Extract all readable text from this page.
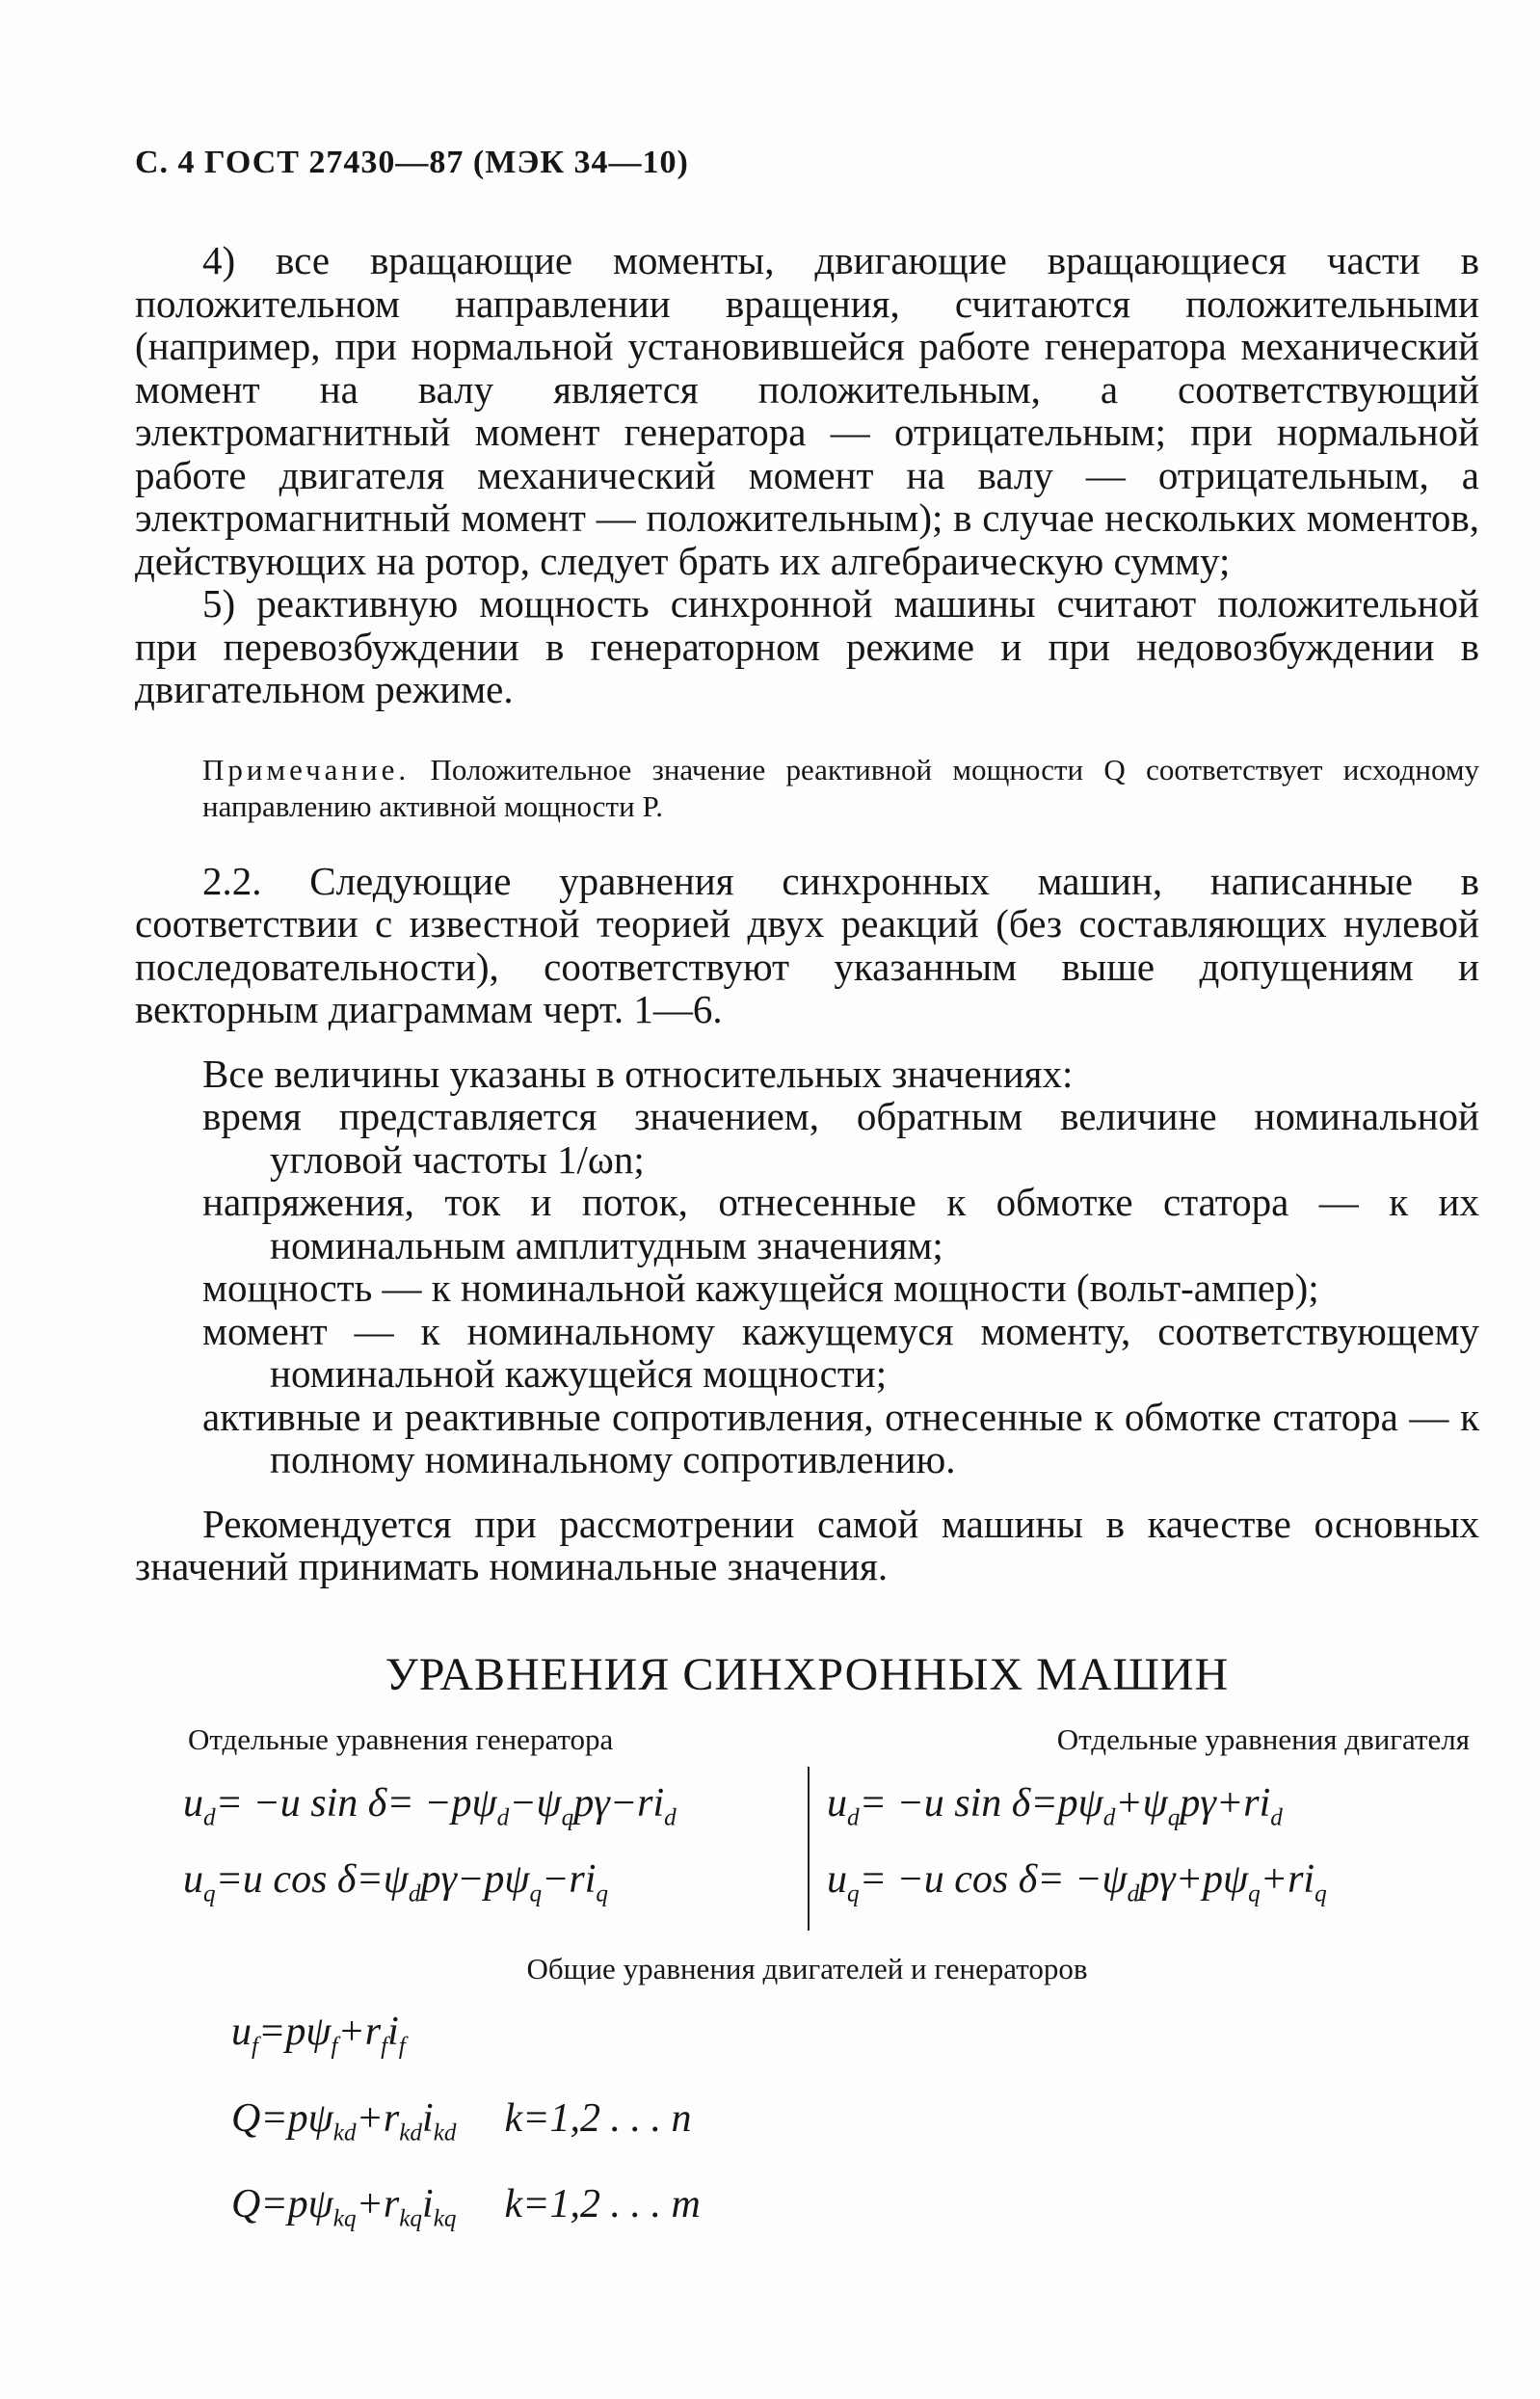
С. 4 ГОСТ 27430—87 (МЭК 34—10)

4) все вращающие моменты, двигающие вращающиеся части в положительном направлении вращения, считаются положительными (например, при нормальной установившейся работе генератора механический момент на валу является положительным, а соответствующий электромагнитный момент генератора — отрицательным; при нормальной работе двигателя механический момент на валу — отрицательным, а электромагнитный момент — положительным); в случае нескольких моментов, действующих на ротор, следует брать их алгебраическую сумму;

5) реактивную мощность синхронной машины считают положительной при перевозбуждении в генераторном режиме и при недовозбуждении в двигательном режиме.

Примечание. Положительное значение реактивной мощности Q соответствует исходному направлению активной мощности P.

2.2. Следующие уравнения синхронных машин, написанные в соответствии с известной теорией двух реакций (без составляющих нулевой последовательности), соответствуют указанным выше допущениям и векторным диаграммам черт. 1—6.

Все величины указаны в относительных значениях:

время представляется значением, обратным величине номинальной угловой частоты 1/ωn;

напряжения, ток и поток, отнесенные к обмотке статора — к их номинальным амплитудным значениям;

мощность — к номинальной кажущейся мощности (вольт-ампер);

момент — к номинальному кажущемуся моменту, соответствующему номинальной кажущейся мощности;

активные и реактивные сопротивления, отнесенные к обмотке статора — к полному номинальному сопротивлению.

Рекомендуется при рассмотрении самой машины в качестве основных значений принимать номинальные значения.

УРАВНЕНИЯ СИНХРОННЫХ МАШИН
Отдельные уравнения генератора	Отдельные уравнения двигателя
$u_d= -u$ $\sin \delta= -p\psi_d-\psi_qp\gamma-ri_d$
$u_q=u$ $\cos \delta=\psi_dp\gamma-p\psi_q-ri_q$
$u_d= -u$ $\sin \delta=p\psi_d+\psi_qp\gamma+ri_d$
$u_q= -u$ $\cos \delta= -\psi_dp\gamma+p\psi_q+ri_q$
Общие уравнения двигателей и генераторов
$u_f=p\psi_f+r_fi_f$
$Q=p\psi_{kd}+r_{kd}i_{kd}$ k=1,2 . . . n
$Q=p\psi_{kq}+r_{kq}i_{kq}$ k=1,2 . . . m
